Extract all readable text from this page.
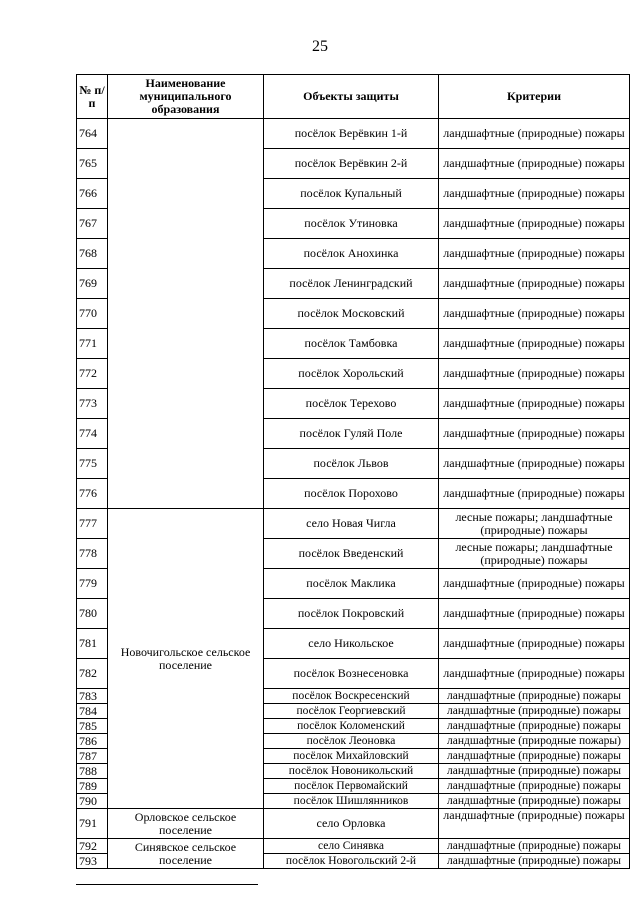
25
№ п/ п	Наименование муниципального образования	Объекты защиты	Критерии
764		посёлок Верёвкин 1-й	ландшафтные (природные) пожары
765		посёлок Верёвкин 2-й	ландшафтные (природные) пожары
766		посёлок Купальный	ландшафтные (природные) пожары
767		посёлок Утиновка	ландшафтные (природные) пожары
768		посёлок Анохинка	ландшафтные (природные) пожары
769		посёлок Ленинградский	ландшафтные (природные) пожары
770		посёлок Московский	ландшафтные (природные) пожары
771		посёлок Тамбовка	ландшафтные (природные) пожары
772		посёлок Хорольский	ландшафтные (природные) пожары
773		посёлок Терехово	ландшафтные (природные) пожары
774		посёлок Гуляй Поле	ландшафтные (природные) пожары
775		посёлок Львов	ландшафтные (природные) пожары
776		посёлок Порохово	ландшафтные (природные) пожары
777	Новочигольское сельское поселение	село Новая Чигла	лесные пожары; ландшафтные (природные) пожары
778		посёлок Введенский	лесные пожары; ландшафтные (природные) пожары
779		посёлок Маклика	ландшафтные (природные) пожары
780		посёлок Покровский	ландшафтные (природные) пожары
781		село Никольское	ландшафтные (природные) пожары
782		посёлок Вознесеновка	ландшафтные (природные) пожары
783		посёлок Воскресенский	ландшафтные (природные) пожары
784		посёлок Георгиевский	ландшафтные (природные) пожары
785		посёлок Коломенский	ландшафтные (природные) пожары
786		посёлок Леоновка	ландшафтные (природные пожары)
787		посёлок Михайловский	ландшафтные (природные) пожары
788		посёлок Новоникольский	ландшафтные (природные) пожары
789		посёлок Первомайский	ландшафтные (природные) пожары
790		посёлок Шишлянников	ландшафтные (природные) пожары
791	Орловское сельское поселение	село Орловка	ландшафтные (природные) пожары
792	Синявское сельское поселение	село Синявка	ландшафтные (природные) пожары
793		посёлок Новогольский 2-й	ландшафтные (природные) пожары
